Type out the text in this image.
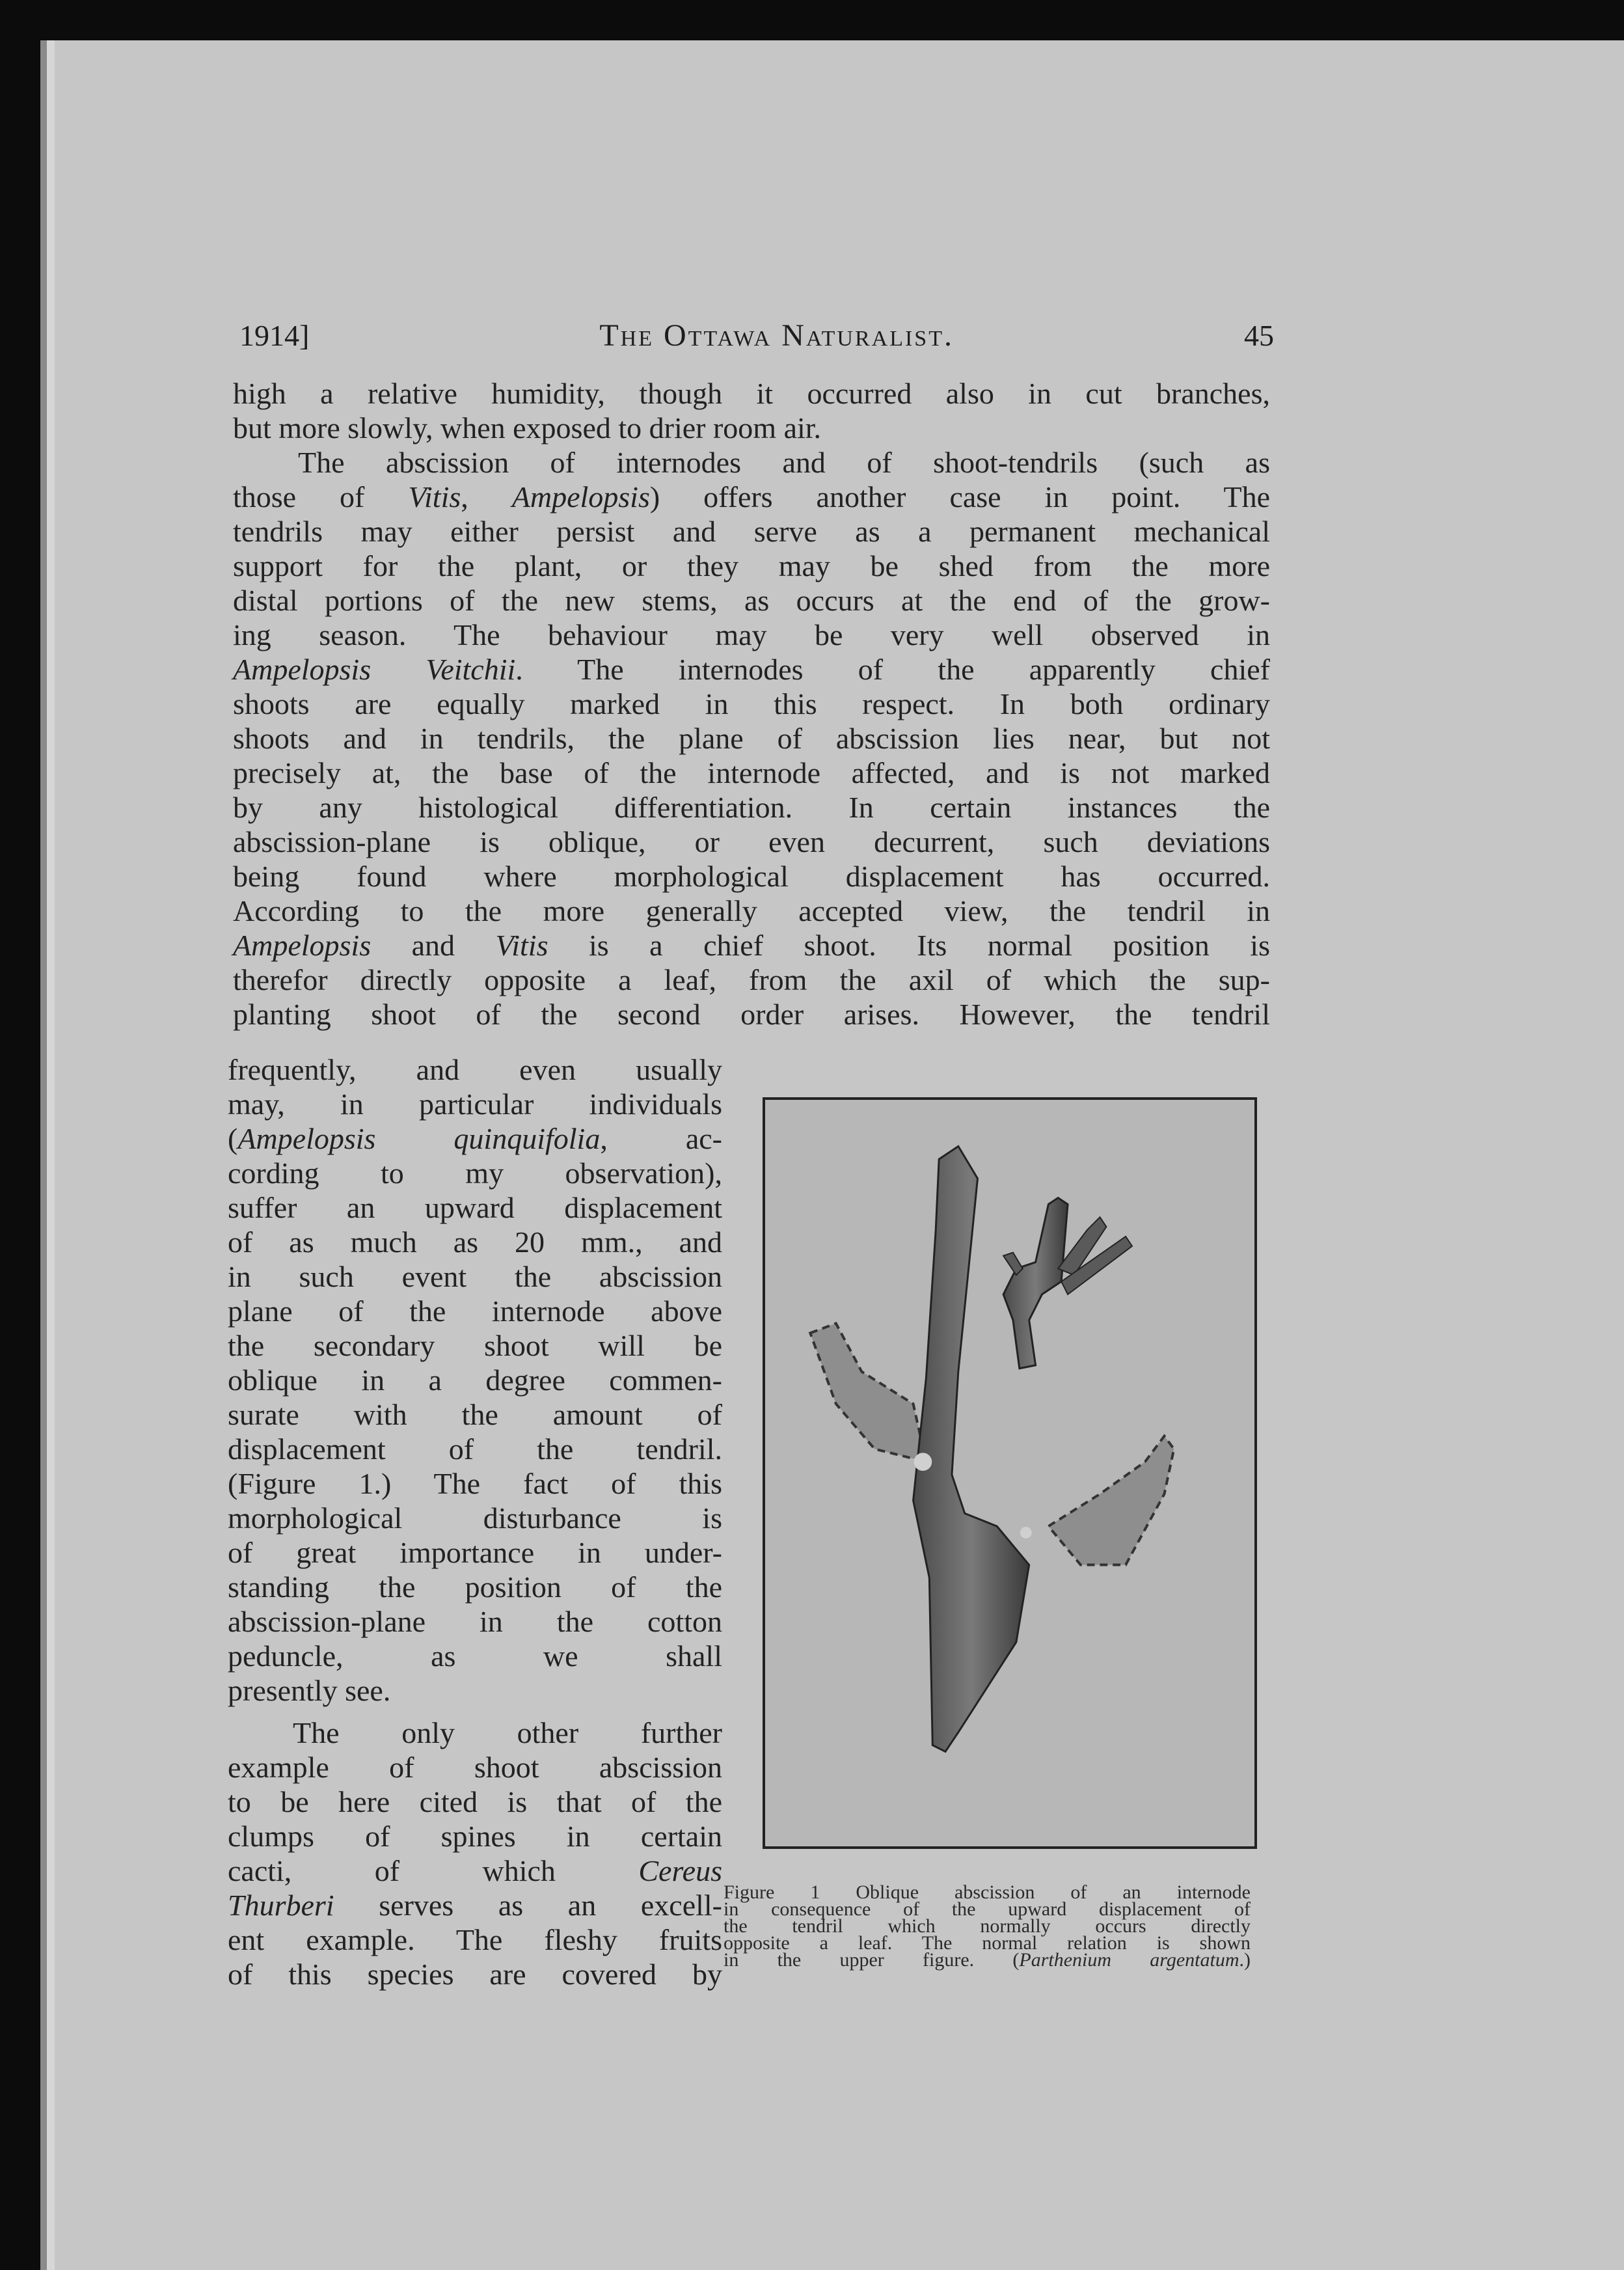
1914]	The Ottawa Naturalist.	45
high a relative humidity, though it occurred also in cut branches,
but more slowly, when exposed to drier room air.
The abscission of internodes and of shoot-tendrils (such as
those of Vitis, Ampelopsis) offers another case in point. The
tendrils may either persist and serve as a permanent mechanical
support for the plant, or they may be shed from the more
distal portions of the new stems, as occurs at the end of the grow-
ing season. The behaviour may be very well observed in
Ampelopsis Veitchii. The internodes of the apparently chief
shoots are equally marked in this respect. In both ordinary
shoots and in tendrils, the plane of abscission lies near, but not
precisely at, the base of the internode affected, and is not marked
by any histological differentiation. In certain instances the
abscission-plane is oblique, or even decurrent, such deviations
being found where morphological displacement has occurred.
According to the more generally accepted view, the tendril in
Ampelopsis and Vitis is a chief shoot. Its normal position is
therefor directly opposite a leaf, from the axil of which the sup-
planting shoot of the second order arises. However, the tendril
frequently, and even usually
may, in particular individuals
(Ampelopsis quinquifolia, ac-
cording to my observation),
suffer an upward displacement
of as much as 20 mm., and
in such event the abscission
plane of the internode above
the secondary shoot will be
oblique in a degree commen-
surate with the amount of
displacement of the tendril.
(Figure 1.) The fact of this
morphological disturbance is
of great importance in under-
standing the position of the
abscission-plane in the cotton
peduncle, as we shall
presently see.
The only other further
example of shoot abscission
to be here cited is that of the
clumps of spines in certain
cacti, of which Cereus
Thurberi serves as an excell-
ent example. The fleshy fruits
of this species are covered by
Figure 1 Oblique abscission of an internode
in consequence of the upward displacement of
the tendril which normally occurs directly
opposite a leaf. The normal relation is shown
in the upper figure. (Parthenium argentatum.)
